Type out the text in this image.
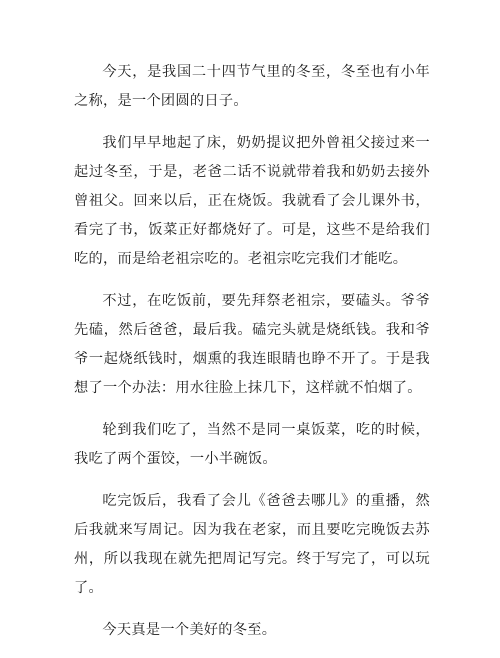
今天，是我国二十四节气里的冬至，冬至也有小年之称，是一个团圆的日子。

我们早早地起了床，奶奶提议把外曾祖父接过来一起过冬至，于是，老爸二话不说就带着我和奶奶去接外曾祖父。回来以后，正在烧饭。我就看了会儿课外书，看完了书，饭菜正好都烧好了。可是，这些不是给我们吃的，而是给老祖宗吃的。老祖宗吃完我们才能吃。

不过，在吃饭前，要先拜祭老祖宗，要磕头。爷爷先磕，然后爸爸，最后我。磕完头就是烧纸钱。我和爷爷一起烧纸钱时，烟熏的我连眼睛也睁不开了。于是我想了一个办法：用水往脸上抹几下，这样就不怕烟了。

轮到我们吃了，当然不是同一桌饭菜，吃的时候，我吃了两个蛋饺，一小半碗饭。

吃完饭后，我看了会儿《爸爸去哪儿》的重播，然后我就来写周记。因为我在老家，而且要吃完晚饭去苏州，所以我现在就先把周记写完。终于写完了，可以玩了。

今天真是一个美好的冬至。
